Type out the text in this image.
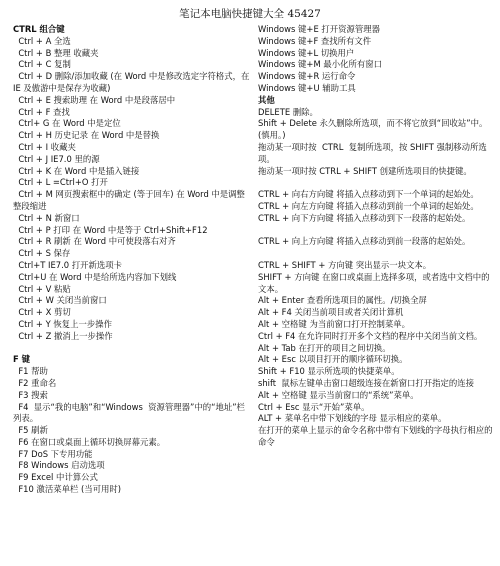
笔记本电脑快捷键大全 45427
CTRL 组合键
Ctrl + A 全选
Ctrl + B 整理 收藏夹
Ctrl + C 复制
Ctrl + D 删除/添加收藏 (在 Word 中是修改选定字符格式，在 IE 及傲游中是保存为收藏)
Ctrl + E 搜索助理 在 Word 中是段落居中
Ctrl + F 查找
Ctrl+ G 在 Word 中是定位
Ctrl + H 历史记录 在 Word 中是替换
Ctrl + I 收藏夹
Ctrl + J IE7.0 里的源
Ctrl + K 在 Word 中是插入链接
Ctrl + L =Ctrl+O 打开
Ctrl + M 网页搜索框中的确定 (等于回车) 在 Word 中是调整整段缩进
Ctrl + N 新窗口
Ctrl + P 打印 在 Word 中是等于 Ctrl+Shift+F12
Ctrl + R 刷新 在 Word 中可使段落右对齐
Ctrl + S 保存
Ctrl+T IE7.0 打开新选项卡
Ctrl+U 在 Word 中是给所选内容加下划线
Ctrl + V 粘贴
Ctrl + W 关闭当前窗口
Ctrl + X 剪切
Ctrl + Y 恢复上一步操作
Ctrl + Z 撤消上一步操作

F 键
F1 帮助
F2 重命名
F3 搜索
F4  显示“我的电脑”和“Windows  资源管理器”中的“地址”栏列表。
F5 刷新
F6 在窗口或桌面上循环切换屏幕元素。
F7 DoS 下专用功能
F8 Windows 启动选项
F9 Excel 中计算公式
F10 激活菜单栏 (当可用时)
Windows 键+E 打开资源管理器
Windows 键+F 查找所有文件
Windows 键+L 切换用户
Windows 键+M 最小化所有窗口
Windows 键+R 运行命令
Windows 键+U 辅助工具
其他
DELETE 删除。
Shift + Delete 永久删除所选项，而不将它放到“回收站”中。 (慎用。)
拖动某一项时按  CTRL  复制所选项，按 SHIFT 强制移动所选项。
拖动某一项时按 CTRL + SHIFT 创建所选项目的快捷键。

CTRL + 向右方向键 将插入点移动到下一个单词的起始处。
CTRL + 向左方向键 将插入点移动到前一个单词的起始处。
CTRL + 向下方向键 将插入点移动到下一段落的起始处。

CTRL + 向上方向键 将插入点移动到前一段落的起始处。

CTRL + SHIFT + 方向键 突出显示一块文本。
SHIFT + 方向键 在窗口或桌面上选择多项，或者选中文档中的文本。
Alt + Enter 查看所选项目的属性。/切换全屏
Alt + F4 关闭当前项目或者关闭计算机
Alt + 空格键 为当前窗口打开控制菜单。
Ctrl + F4 在允许同时打开多个文档的程序中关闭当前文档。
Alt + Tab 在打开的项目之间切换。
Alt + Esc 以项目打开的顺序循环切换。
Shift + F10 显示所选项的快捷菜单。
shift  鼠标左键单击窗口超级连接在新窗口打开指定的连接
Alt + 空格键 显示当前窗口的“系统”菜单。
Ctrl + Esc 显示“开始”菜单。
ALT + 菜单名中带下划线的字母 显示相应的菜单。
在打开的菜单上显示的命令名称中带有下划线的字母执行相应的命令
